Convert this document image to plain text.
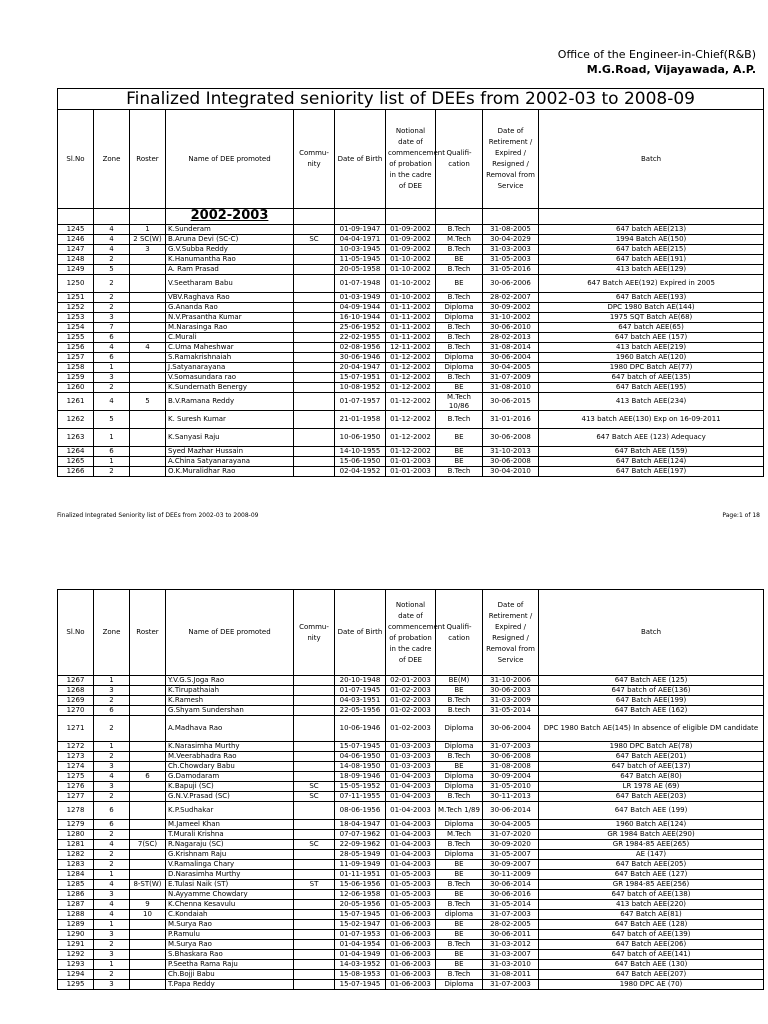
Office of the Engineer-in-Chief(R&B)
M.G.Road, Vijayawada, A.P.
Finalized Integrated seniority list of DEEs from 2002-03 to 2008-09									
Sl.No	Zone	Roster	Name of DEE promoted	Commu-nity	Date of Birth	Notional date of commencement of probation in the cadre of DEE	Qualifi-cation	Date of Retirement / Expired / Resigned / Removal from Service	Batch
			2002-2003						
1245	4	1	K.Sunderam		01-09-1947	01-09-2002	B.Tech	31-08-2005	647 batch AEE(213)
1246	4	2 SC(W)	B.Aruna Devi (SC-C)	SC	04-04-1971	01-09-2002	M.Tech	30-04-2029	1994 Batch AE(150)
1247	4	3	G.V.Subba Reddy		10-03-1945	01-09-2002	B.Tech	31-03-2003	647 batch AEE(215)
1248	2		K.Hanumantha Rao		11-05-1945	01-10-2002	BE	31-05-2003	647 batch AEE(191)
1249	5		A. Ram Prasad		20-05-1958	01-10-2002	B.Tech	31-05-2016	413 batch AEE(129)
1250	2		V.Seetharam Babu		01-07-1948	01-10-2002	BE	30-06-2006	647 Batch AEE(192) Expired in 2005
1251	2		VBV.Raghava Rao		01-03-1949	01-10-2002	B.Tech	28-02-2007	647 Batch AEE(193)
1252	2		G.Ananda Rao		04-09-1944	01-11-2002	Diploma	30-09-2002	DPC 1980 Batch AE(144)
1253	3		N.V.Prasantha Kumar		16-10-1944	01-11-2002	Diploma	31-10-2002	1975 SQT Batch AE(68)
1254	7		M.Narasinga Rao		25-06-1952	01-11-2002	B.Tech	30-06-2010	647 batch AEE(65)
1255	6		C.Murali		22-02-1955	01-11-2002	B.Tech	28-02-2013	647 batch AEE (157)
1256	4	4	C.Uma Maheshwar		02-08-1956	12-11-2002	B.Tech	31-08-2014	413 batch AEE(219)
1257	6		S.Ramakrishnaiah		30-06-1946	01-12-2002	Diploma	30-06-2004	1960 Batch AE(120)
1258	1		J.Satyanarayana		20-04-1947	01-12-2002	Diploma	30-04-2005	1980 DPC Batch AE(77)
1259	3		V.Somasundara rao		15-07-1951	01-12-2002	B.Tech	31-07-2009	647 batch of AEE(135)
1260	2		K.Sundernath Benergy		10-08-1952	01-12-2002	BE	31-08-2010	647 Batch AEE(195)
1261	4	5	B.V.Ramana Reddy		01-07-1957	01-12-2002	M.Tech 10/86	30-06-2015	413 Batch AEE(234)
1262	5		K. Suresh Kumar		21-01-1958	01-12-2002	B.Tech	31-01-2016	413 batch AEE(130) Exp on 16-09-2011
1263	1		K.Sanyasi Raju		10-06-1950	01-12-2002	BE	30-06-2008	647 Batch AEE (123) Adequacy
1264	6		Syed Mazhar Hussain		14-10-1955	01-12-2002	BE	31-10-2013	647 Batch AEE (159)
1265	1		A.China Satyanarayana		15-06-1950	01-01-2003	BE	30-06-2008	647 Batch AEE(124)
1266	2		O.K.Muralidhar Rao		02-04-1952	01-01-2003	B.Tech	30-04-2010	647 Batch AEE(197)
Finalized Integrated Seniority list of DEEs from 2002-03 to 2008-09	Page:1 of 18
Sl.No	Zone	Roster	Name of DEE promoted	Commu-nity	Date of Birth	Notional date of commencement of probation in the cadre of DEE	Qualifi-cation	Date of Retirement / Expired / Resigned / Removal from Service	Batch
1267	1		Y.V.G.S.Joga Rao		20-10-1948	02-01-2003	BE(M)	31-10-2006	647 Batch AEE (125)
1268	3		K.Tirupathaiah		01-07-1945	01-02-2003	BE	30-06-2003	647 batch of AEE(136)
1269	2		K.Ramesh		04-03-1951	01-02-2003	B.Tech	31-03-2009	647 Batch AEE(199)
1270	6		G.Shyam Sundershan		22-05-1956	01-02-2003	B.tech	31-05-2014	647 Batch AEE (162)
1271	2		A.Madhava Rao		10-06-1946	01-02-2003	Diploma	30-06-2004	DPC 1980 Batch AE(145) In absence of eligible DM candidate
1272	1		K.Narasimha Murthy		15-07-1945	01-03-2003	Diploma	31-07-2003	1980 DPC Batch AE(78)
1273	2		M.Veerabhadra Rao		04-06-1950	01-03-2003	B.Tech	30-06-2008	647 Batch AEE(201)
1274	3		Ch.Chowdary Babu		14-08-1950	01-03-2003	BE	31-08-2008	647 batch of AEE(137)
1275	4	6	G.Damodaram		18-09-1946	01-04-2003	Diploma	30-09-2004	647 Batch AE(80)
1276	3		K.Bapuji (SC)	SC	15-05-1952	01-04-2003	Diploma	31-05-2010	LR 1978 AE (69)
1277	2		G.N.V.Prasad (SC)	SC	07-11-1955	01-04-2003	B.Tech	30-11-2013	647 Batch AEE(203)
1278	6		K.P.Sudhakar		08-06-1956	01-04-2003	M.Tech 1/89	30-06-2014	647 Batch AEE (199)
1279	6		M.Jameel Khan		18-04-1947	01-04-2003	Diploma	30-04-2005	1960 Batch AE(124)
1280	2		T.Murali Krishna		07-07-1962	01-04-2003	M.Tech	31-07-2020	GR 1984 Batch AEE(290)
1281	4	7(SC)	R.Nagaraju (SC)	SC	22-09-1962	01-04-2003	B.Tech	30-09-2020	GR 1984-85 AEE(265)
1282	2		G.Krishnam Raju		28-05-1949	01-04-2003	Diploma	31-05-2007	AE (147)
1283	2		V.Ramalinga Chary		11-09-1949	01-04-2003	BE	30-09-2007	647 Batch AEE(205)
1284	1		D.Narasimha Murthy		01-11-1951	01-05-2003	BE	30-11-2009	647 Batch AEE (127)
1285	4	8-ST(W)	E.Tulasi Naik (ST)	ST	15-06-1956	01-05-2003	B.Tech	30-06-2014	GR 1984-85 AEE(256)
1286	3		N.Ayyamme Chowdary		12-06-1958	01-05-2003	BE	30-06-2016	647 batch of AEE(138)
1287	4	9	K.Chenna Kesavulu		20-05-1956	01-05-2003	B.Tech	31-05-2014	413 batch AEE(220)
1288	4	10	C.Kondaiah		15-07-1945	01-06-2003	diploma	31-07-2003	647 Batch AE(81)
1289	1		M.Surya Rao		15-02-1947	01-06-2003	BE	28-02-2005	647 Batch AEE (128)
1290	3		P.Ramulu		01-07-1953	01-06-2003	BE	30-06-2011	647 batch of AEE(139)
1291	2		M.Surya Rao		01-04-1954	01-06-2003	B.Tech	31-03-2012	647 Batch AEE(206)
1292	3		S.Bhaskara Rao		01-04-1949	01-06-2003	BE	31-03-2007	647 batch of AEE(141)
1293	1		P.Seetha Rama Raju		14-03-1952	01-06-2003	BE	31-03-2010	647 Batch AEE (130)
1294	2		Ch.Bojji Babu		15-08-1953	01-06-2003	B.Tech	31-08-2011	647 Batch AEE(207)
1295	3		T.Papa Reddy		15-07-1945	01-06-2003	Diploma	31-07-2003	1980 DPC AE (70)
